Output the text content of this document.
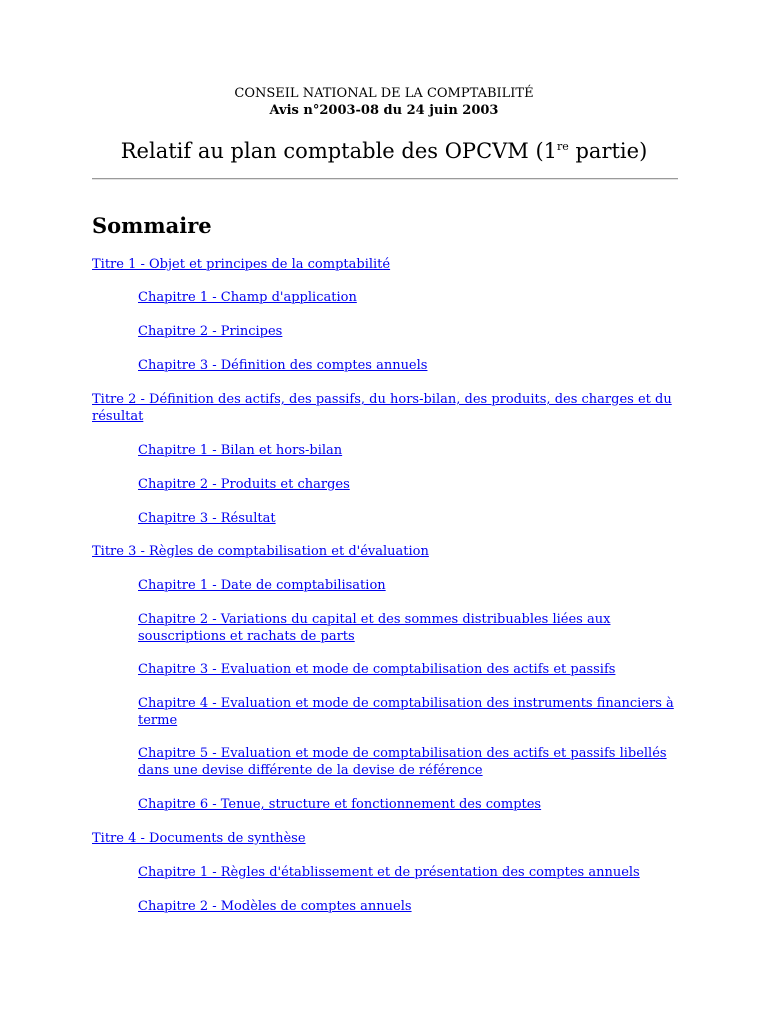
CONSEIL NATIONAL DE LA COMPTABILITÉ
Avis n°2003-08 du 24 juin 2003
Relatif au plan comptable des OPCVM (1re partie)
Sommaire
Titre 1 - Objet et principes de la comptabilité
Chapitre 1 - Champ d'application
Chapitre 2 - Principes
Chapitre 3 - Définition des comptes annuels
Titre 2 - Définition des actifs, des passifs, du hors-bilan, des produits, des charges et du résultat
Chapitre 1 - Bilan et hors-bilan
Chapitre 2 - Produits et charges
Chapitre 3 - Résultat
Titre 3 - Règles de comptabilisation et d'évaluation
Chapitre 1 - Date de comptabilisation
Chapitre 2 - Variations du capital et des sommes distribuables liées aux souscriptions et rachats de parts
Chapitre 3 - Evaluation et mode de comptabilisation des actifs et passifs
Chapitre 4 - Evaluation et mode de comptabilisation des instruments financiers à terme
Chapitre 5 - Evaluation et mode de comptabilisation des actifs et passifs libellés dans une devise différente de la devise de référence
Chapitre 6 - Tenue, structure et fonctionnement des comptes
Titre 4 - Documents de synthèse
Chapitre 1 - Règles d'établissement et de présentation des comptes annuels
Chapitre 2 - Modèles de comptes annuels
